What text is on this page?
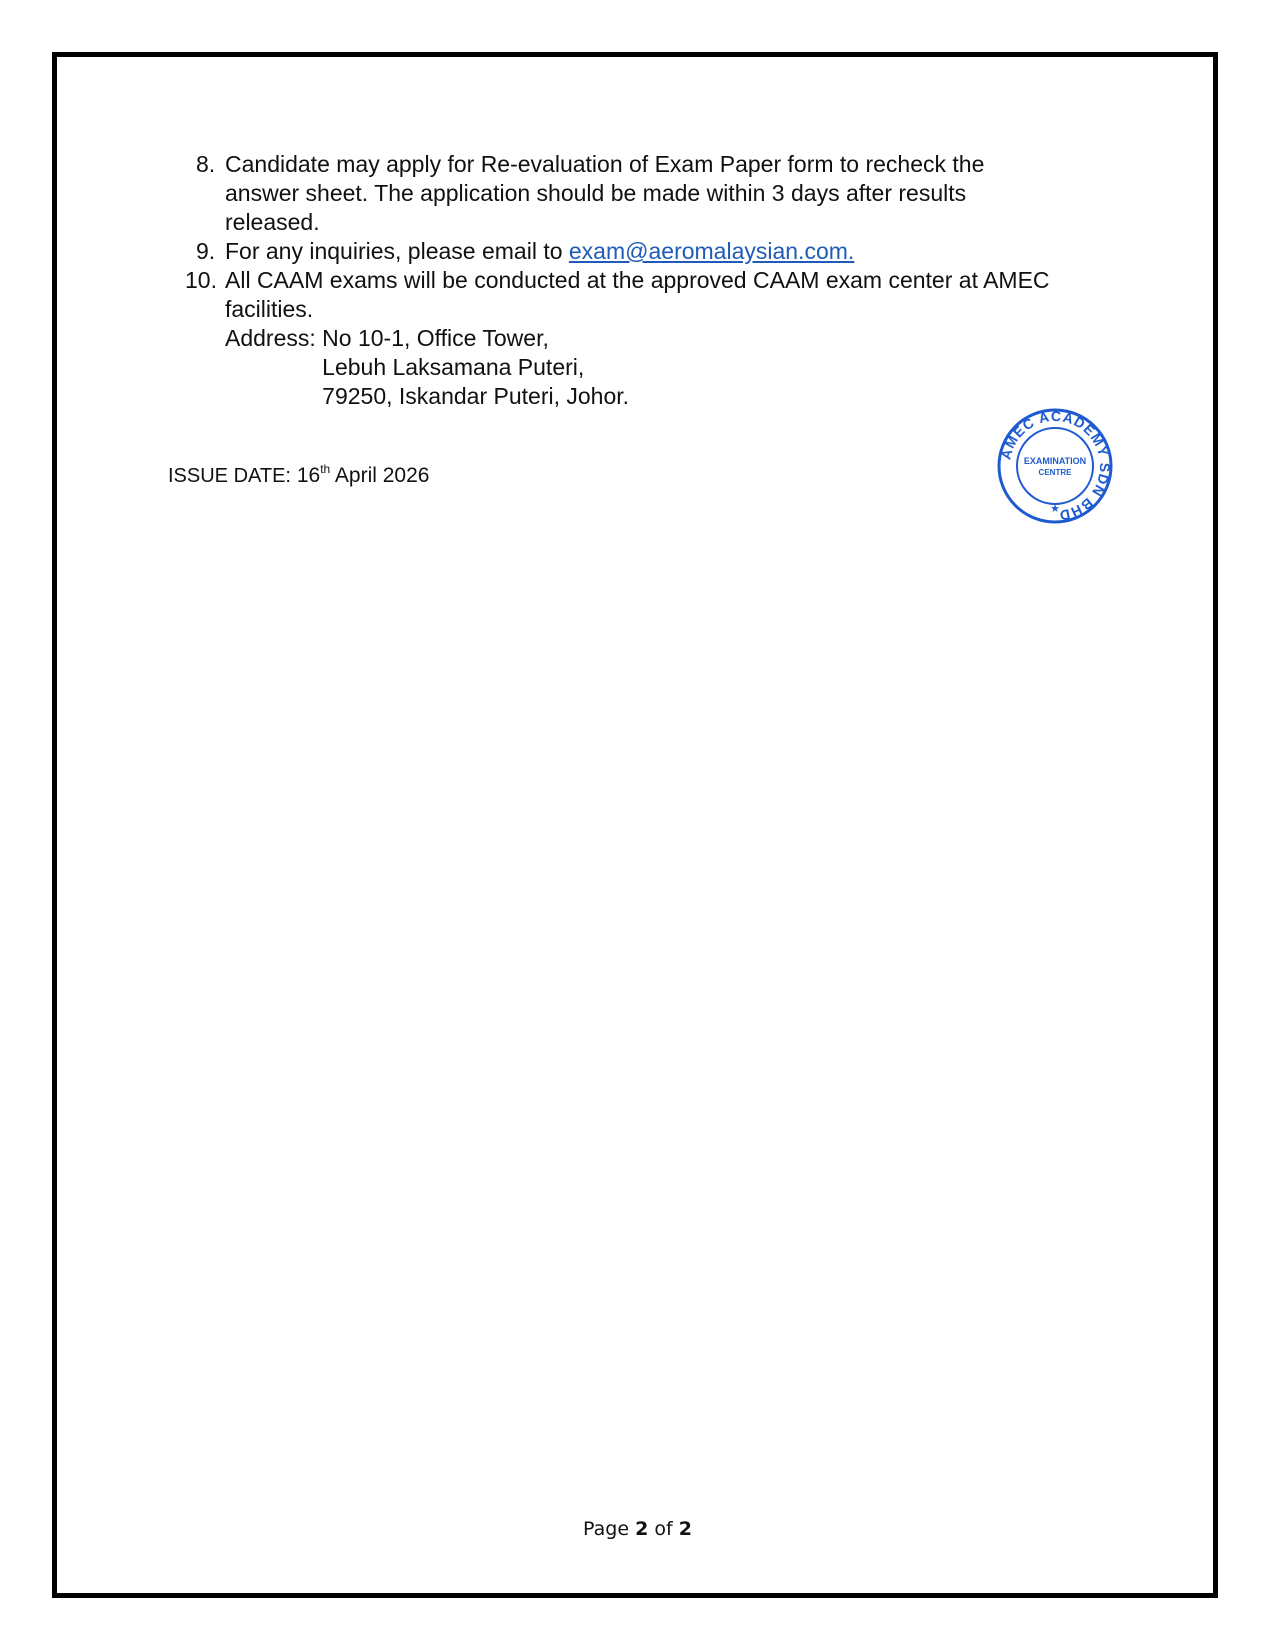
8. Candidate may apply for Re-evaluation of Exam Paper form to recheck the
answer sheet. The application should be made within 3 days after results
released.
9. For any inquiries, please email to exam@aeromalaysian.com.
10. All CAAM exams will be conducted at the approved CAAM exam center at AMEC
facilities.
Address: No 10-1, Office Tower,
Lebuh Laksamana Puteri,
79250, Iskandar Puteri, Johor.
ISSUE DATE: 16th April 2026
AMEC ACADEMY SDN BHD
EXAMINATION
CENTRE
★
Page 2 of 2
